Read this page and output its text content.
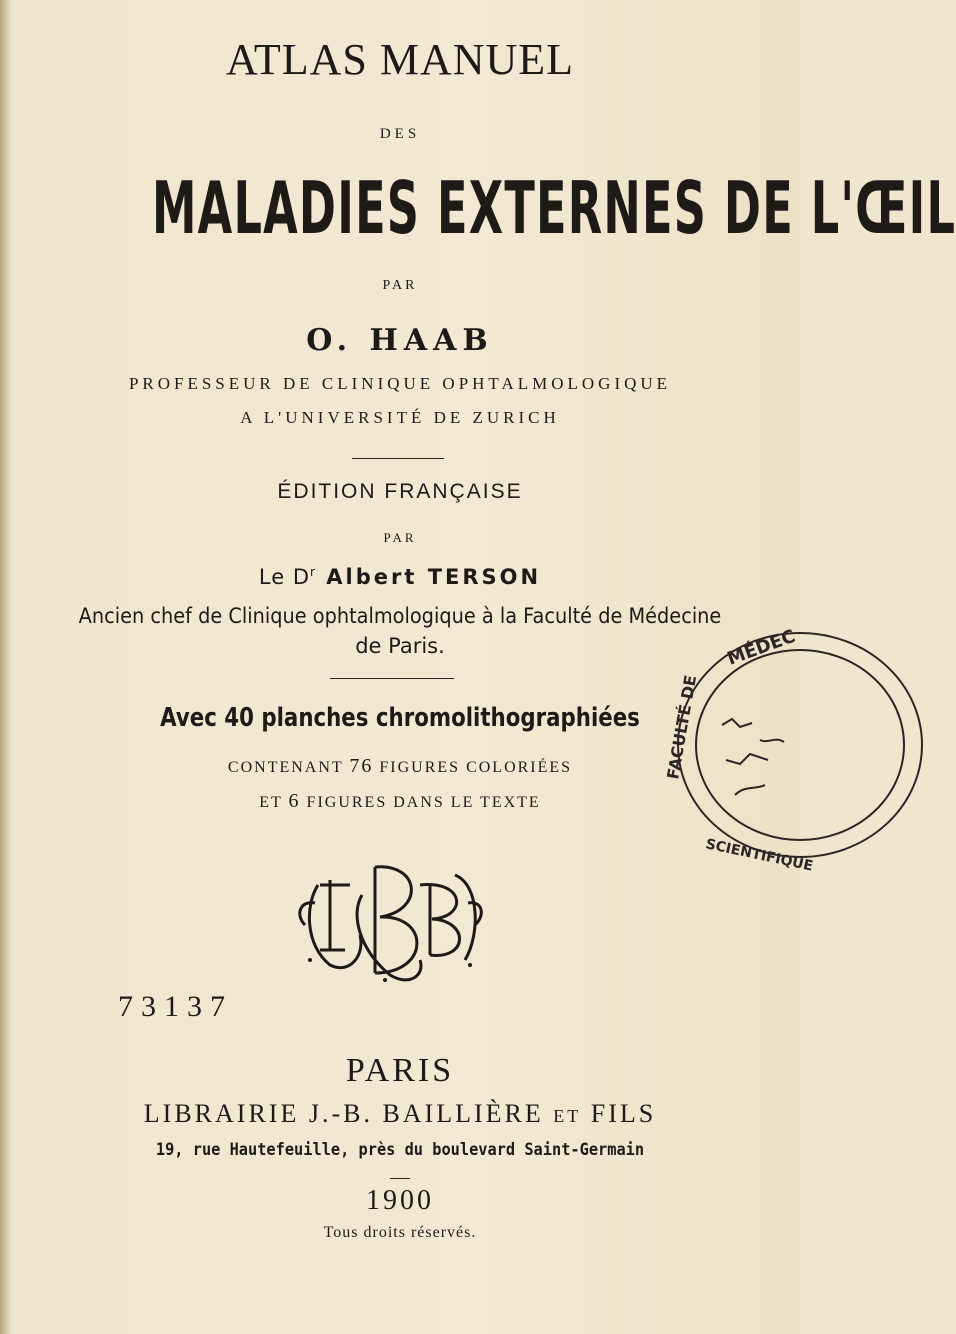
ATLAS MANUEL
DES
MALADIES EXTERNES DE L'ŒIL
PAR
O. HAAB
PROFESSEUR DE CLINIQUE OPHTALMOLOGIQUE
A L'UNIVERSITÉ DE ZURICH
ÉDITION FRANÇAISE
PAR
Le $D^r$ Albert TERSON
Ancien chef de Clinique ophtalmologique à la Faculté de Médecine
de Paris.
Avec 40 planches chromolithographiées
CONTENANT 76 FIGURES COLORIÉES
ET 6 FIGURES DANS LE TEXTE
73137
PARIS
LIBRAIRIE J.-B. BAILLIÈRE ET FILS
19, rue Hautefeuille, près du boulevard Saint-Germain
1900
Tous droits réservés.
MÉDEC
FACULTÉ DE
SCIENTIFIQUE
